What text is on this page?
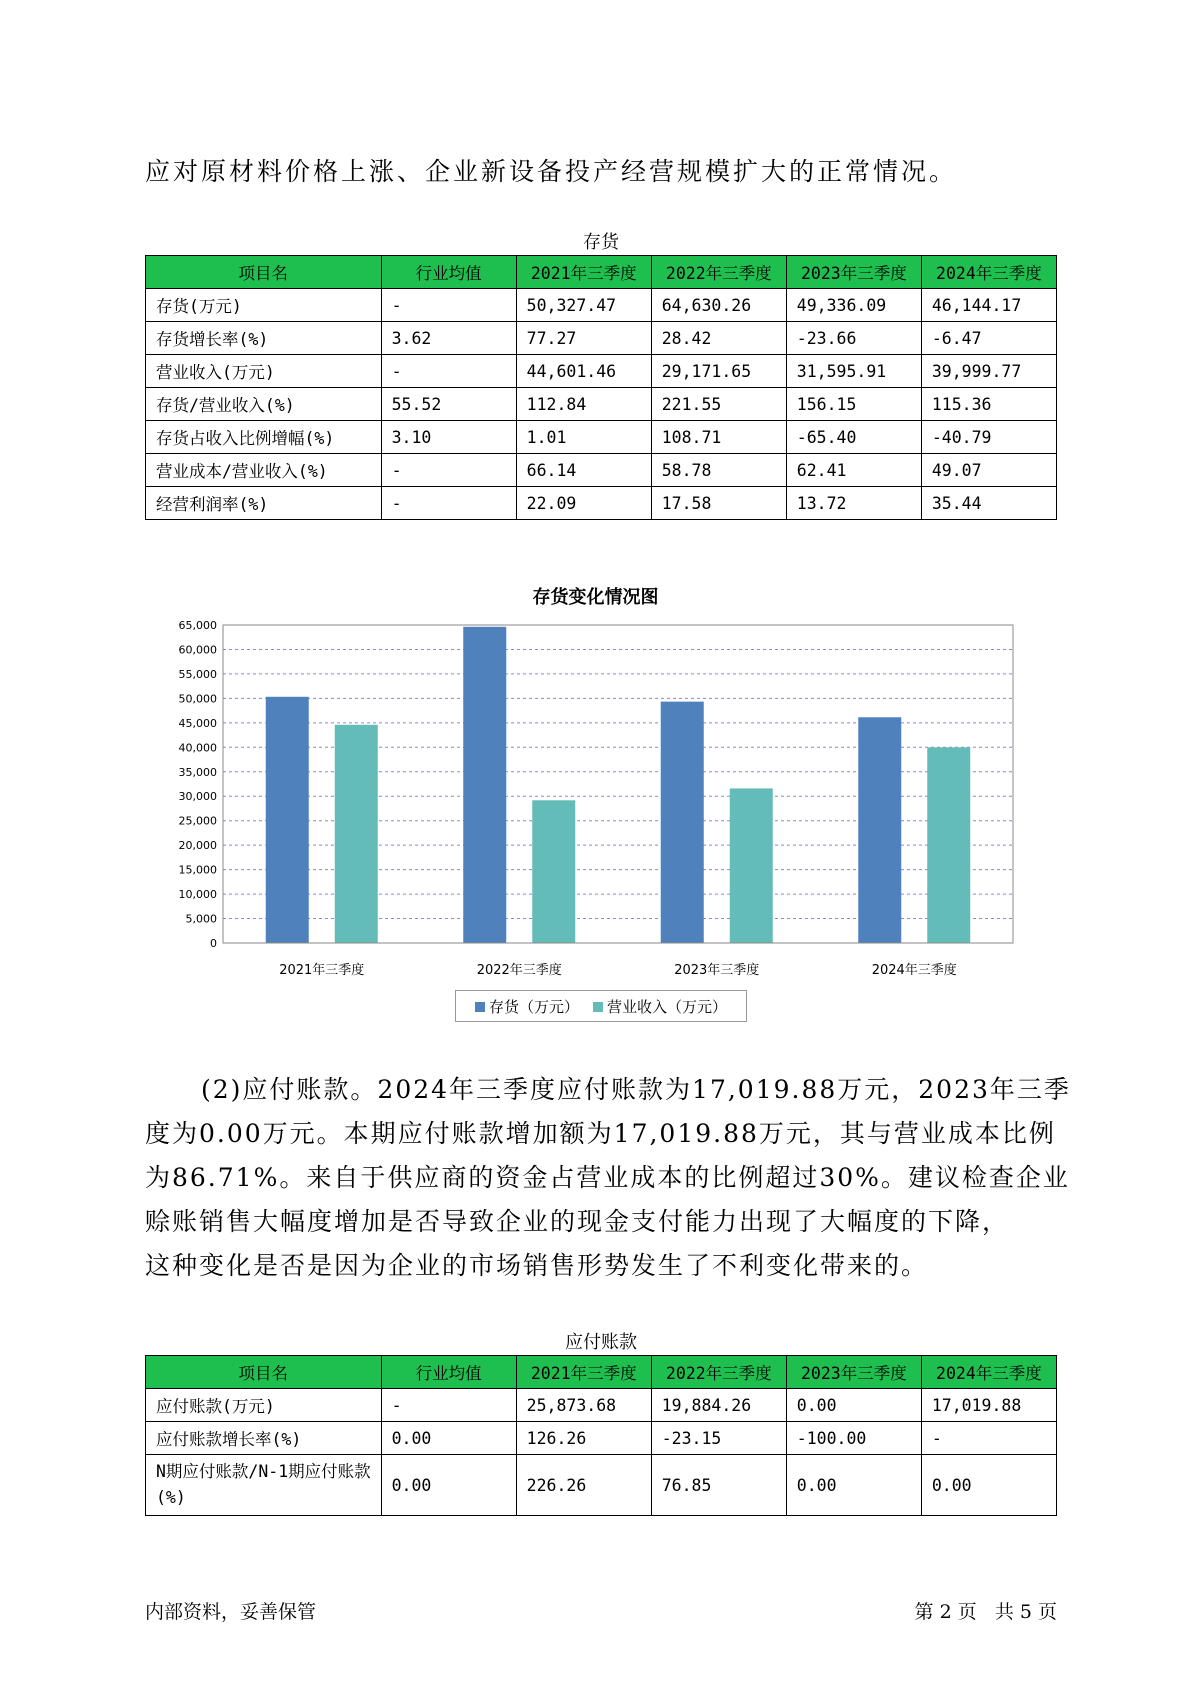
应对原材料价格上涨、企业新设备投产经营规模扩大的正常情况。

存货
项目名	行业均值	2021年三季度	2022年三季度	2023年三季度	2024年三季度
存货(万元)	-	50,327.47	64,630.26	49,336.09	46,144.17
存货增长率(%)	3.62	77.27	28.42	-23.66	-6.47
营业收入(万元)	-	44,601.46	29,171.65	31,595.91	39,999.77
存货/营业收入(%)	55.52	112.84	221.55	156.15	115.36
存货占收入比例增幅(%)	3.10	1.01	108.71	-65.40	-40.79
营业成本/营业收入(%)	-	66.14	58.78	62.41	49.07
经营利润率(%)	-	22.09	17.58	13.72	35.44
存货变化情况图
0
5,000
10,000
15,000
20,000
25,000
30,000
35,000
40,000
45,000
50,000
55,000
60,000
65,000
2021年三季度	2022年三季度	2023年三季度	2024年三季度
存货（万元）	营业收入（万元）

(2)应付账款。2024年三季度应付账款为17,019.88万元，2023年三季

度为0.00万元。本期应付账款增加额为17,019.88万元，其与营业成本比例

为86.71%。来自于供应商的资金占营业成本的比例超过30%。建议检查企业

赊账销售大幅度增加是否导致企业的现金支付能力出现了大幅度的下降，

这种变化是否是因为企业的市场销售形势发生了不利变化带来的。

应付账款
项目名	行业均值	2021年三季度	2022年三季度	2023年三季度	2024年三季度
应付账款(万元)	-	25,873.68	19,884.26	0.00	17,019.88
应付账款增长率(%)	0.00	126.26	-23.15	-100.00	-
N期应付账款/N-1期应付账款(%)	0.00	226.26	76.85	0.00	0.00
内部资料，妥善保管	第 2 页   共 5 页
